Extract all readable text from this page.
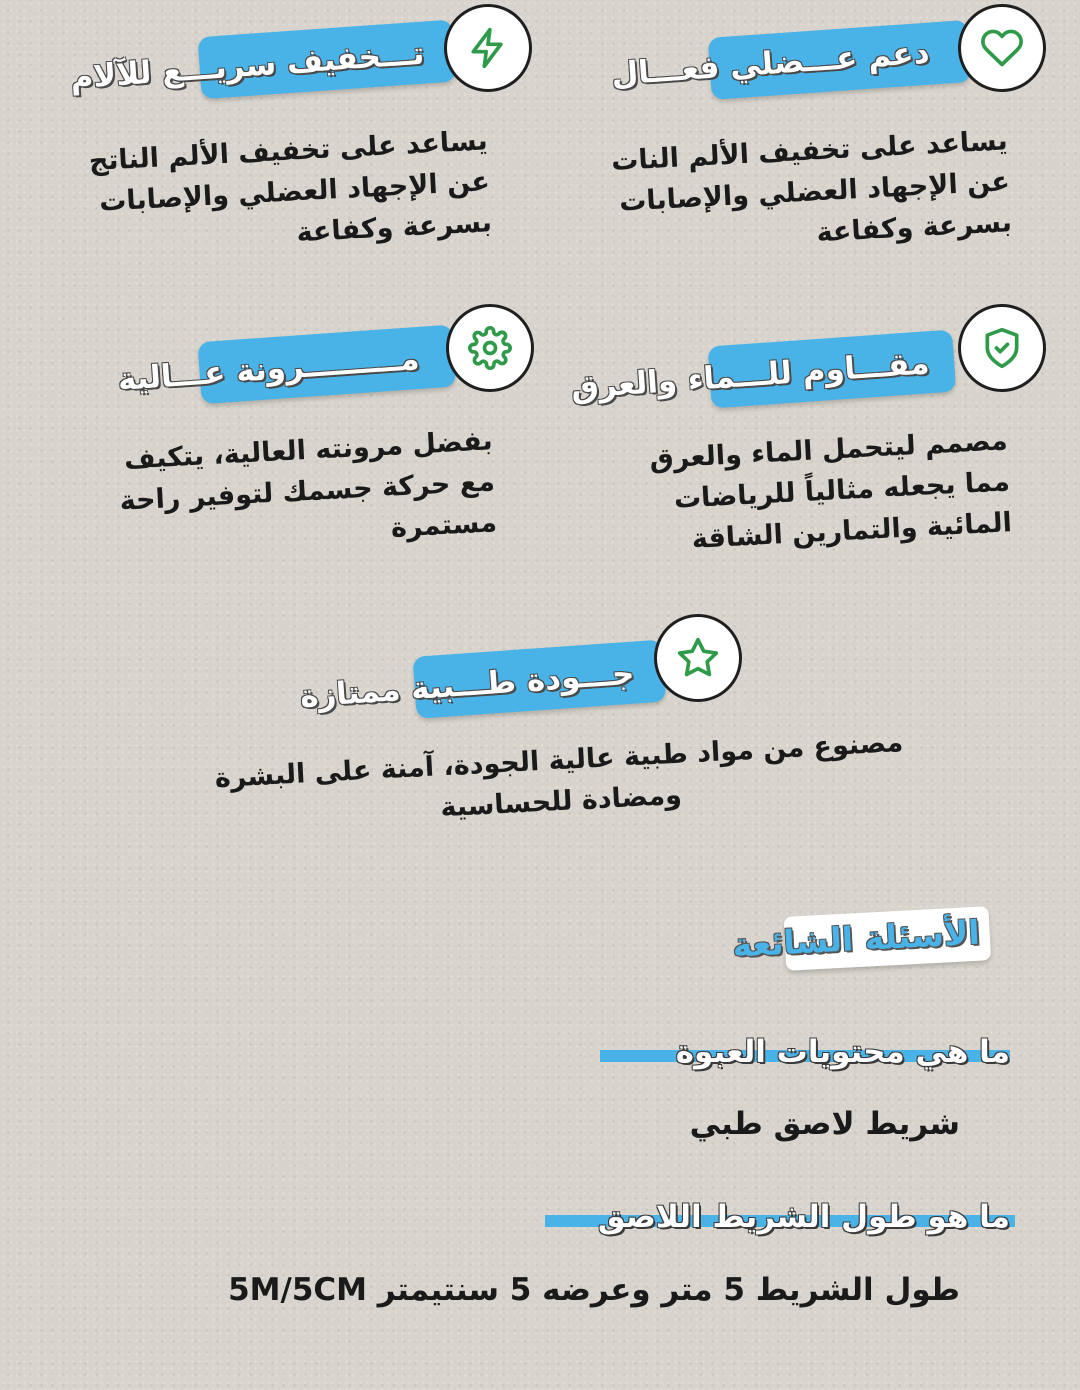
دعم عـــضلي فعـــال
يساعد على تخفيف الألم النات
عن الإجهاد العضلي والإصابات
بسرعة وكفاعة
تـــخفيف سريـــع للآلام
يساعد على تخفيف الألم الناتج
عن الإجهاد العضلي والإصابات
بسرعة وكفاعة
مقـــاوم للـــماء والعرق
مصمم ليتحمل الماء والعرق
مما يجعله مثالياً للرياضات
المائية والتمارين الشاقة
مـــــــــرونة عـــالية
بفضل مرونته العالية، يتكيف
مع حركة جسمك لتوفير راحة
مستمرة
جـــودة طـــبية ممتازة
مصنوع من مواد طبية عالية الجودة، آمنة على البشرة
ومضادة للحساسية
الأسئلة الشائعة
ما هي محتويات العبوة
شريط لاصق طبي
ما هو طول الشريط اللاصق
طول الشريط 5 متر وعرضه 5 سنتيمتر 5M/5CM
